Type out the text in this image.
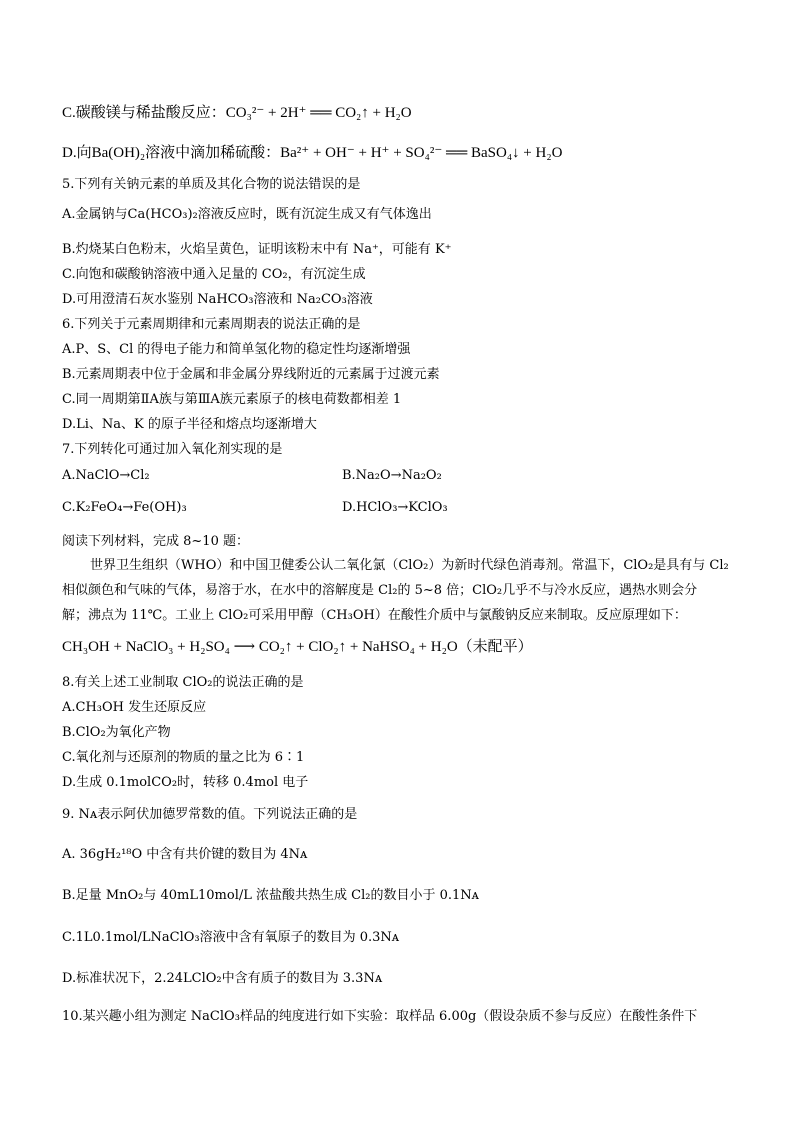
C.碳酸镁与稀盐酸反应：CO₃²⁻ + 2H⁺ ══ CO₂↑ + H₂O
D.向Ba(OH)₂溶液中滴加稀硫酸：Ba²⁺ + OH⁻ + H⁺ + SO₄²⁻ ══ BaSO₄↓ + H₂O
5.下列有关钠元素的单质及其化合物的说法错误的是
A.金属钠与Ca(HCO₃)₂溶液反应时，既有沉淀生成又有气体逸出
B.灼烧某白色粉末，火焰呈黄色，证明该粉末中有 Na⁺，可能有 K⁺
C.向饱和碳酸钠溶液中通入足量的 CO₂，有沉淀生成
D.可用澄清石灰水鉴别 NaHCO₃溶液和 Na₂CO₃溶液
6.下列关于元素周期律和元素周期表的说法正确的是
A.P、S、Cl 的得电子能力和简单氢化物的稳定性均逐渐增强
B.元素周期表中位于金属和非金属分界线附近的元素属于过渡元素
C.同一周期第ⅡA族与第ⅢA族元素原子的核电荷数都相差 1
D.Li、Na、K 的原子半径和熔点均逐渐增大
7.下列转化可通过加入氧化剂实现的是
A.NaClO→Cl₂	B.Na₂O→Na₂O₂
C.K₂FeO₄→Fe(OH)₃	D.HClO₃→KClO₃
阅读下列材料，完成 8~10 题：
世界卫生组织（WHO）和中国卫健委公认二氧化氯（ClO₂）为新时代绿色消毒剂。常温下，ClO₂是具有与 Cl₂
相似颜色和气味的气体，易溶于水，在水中的溶解度是 Cl₂的 5~8 倍；ClO₂几乎不与冷水反应，遇热水则会分
解；沸点为 11℃。工业上 ClO₂可采用甲醇（CH₃OH）在酸性介质中与氯酸钠反应来制取。反应原理如下：
CH₃OH + NaClO₃ + H₂SO₄ ⟶ CO₂↑ + ClO₂↑ + NaHSO₄ + H₂O（未配平）
8.有关上述工业制取 ClO₂的说法正确的是
A.CH₃OH 发生还原反应
B.ClO₂为氧化产物
C.氧化剂与还原剂的物质的量之比为 6∶1
D.生成 0.1molCO₂时，转移 0.4mol 电子
9. Nᴀ表示阿伏加德罗常数的值。下列说法正确的是
A. 36gH₂¹⁸O 中含有共价键的数目为 4Nᴀ
B.足量 MnO₂与 40mL10mol/L 浓盐酸共热生成 Cl₂的数目小于 0.1Nᴀ
C.1L0.1mol/LNaClO₃溶液中含有氧原子的数目为 0.3Nᴀ
D.标准状况下，2.24LClO₂中含有质子的数目为 3.3Nᴀ
10.某兴趣小组为测定 NaClO₃样品的纯度进行如下实验：取样品 6.00g（假设杂质不参与反应）在酸性条件下
